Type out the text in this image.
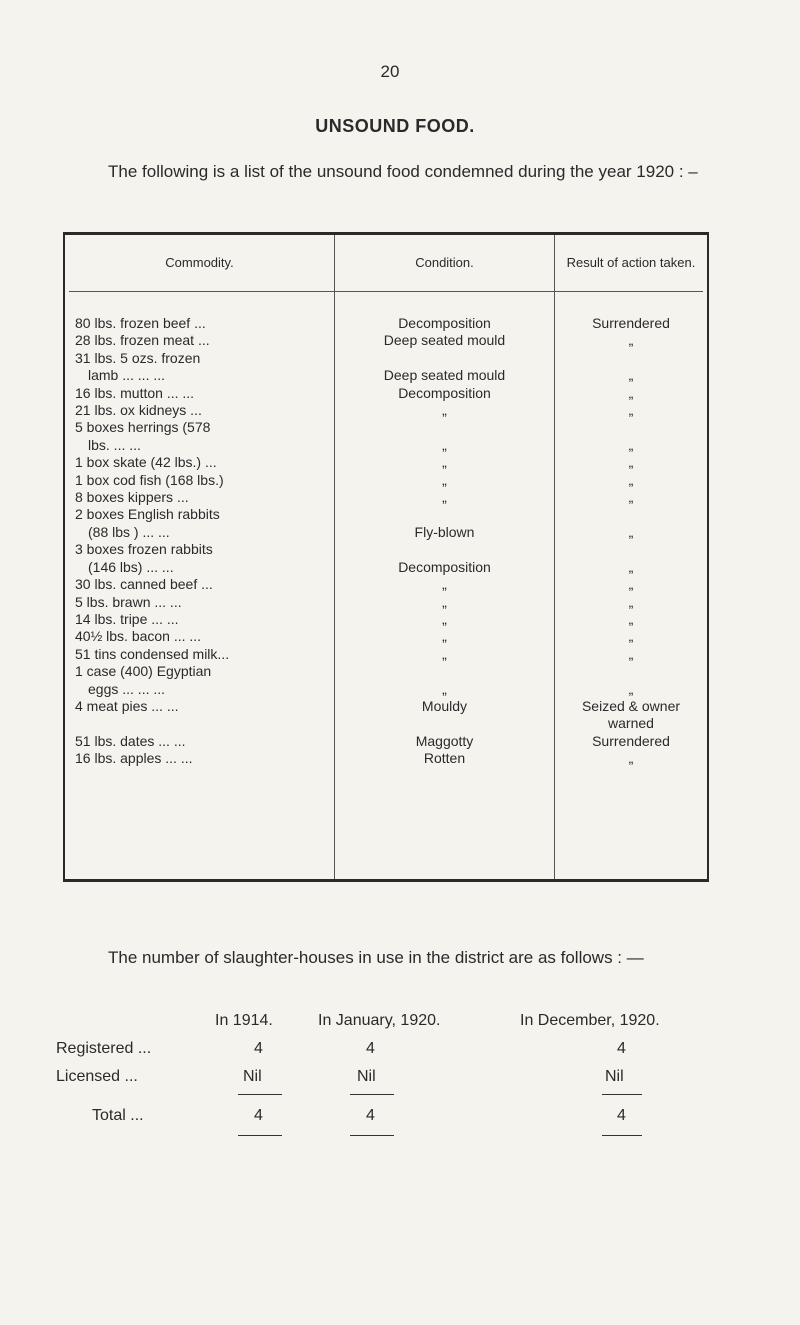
20
UNSOUND FOOD.
The following is a list of the unsound food condemned during the year 1920 : –
Commodity.	Condition.	Result of action taken.
80 lbs. frozen beef ...	Decomposition	Surrendered
28 lbs. frozen meat ...	Deep seated mould	„
31 lbs. 5 ozs. frozen
lamb ... ... ...	Deep seated mould	„
16 lbs. mutton ... ...	Decomposition	„
21 lbs. ox kidneys ...	„	„
5 boxes herrings (578
lbs. ... ...	„	„
1 box skate (42 lbs.) ...	„	„
1 box cod fish (168 lbs.)	„	„
8 boxes kippers ...	„	„
2 boxes English rabbits
(88 lbs ) ... ...	Fly-blown	„
3 boxes frozen rabbits
(146 lbs) ... ...	Decomposition	„
30 lbs. canned beef ...	„	„
5 lbs. brawn ... ...	„	„
14 lbs. tripe ... ...	„	„
40½ lbs. bacon ... ...	„	„
51 tins condensed milk...	„	„
1 case (400) Egyptian
eggs ... ... ...	„	„
4 meat pies ... ...	Mouldy	Seized & owner
warned
51 lbs. dates ... ...	Maggotty	Surrendered
16 lbs. apples ... ...	Rotten	„
The number of slaughter-houses in use in the district are as follows : —
In 1914.	In January, 1920.	In December, 1920.
Registered ...	4	4	4
Licensed ...	Nil	Nil	Nil
Total ...	4	4	4
